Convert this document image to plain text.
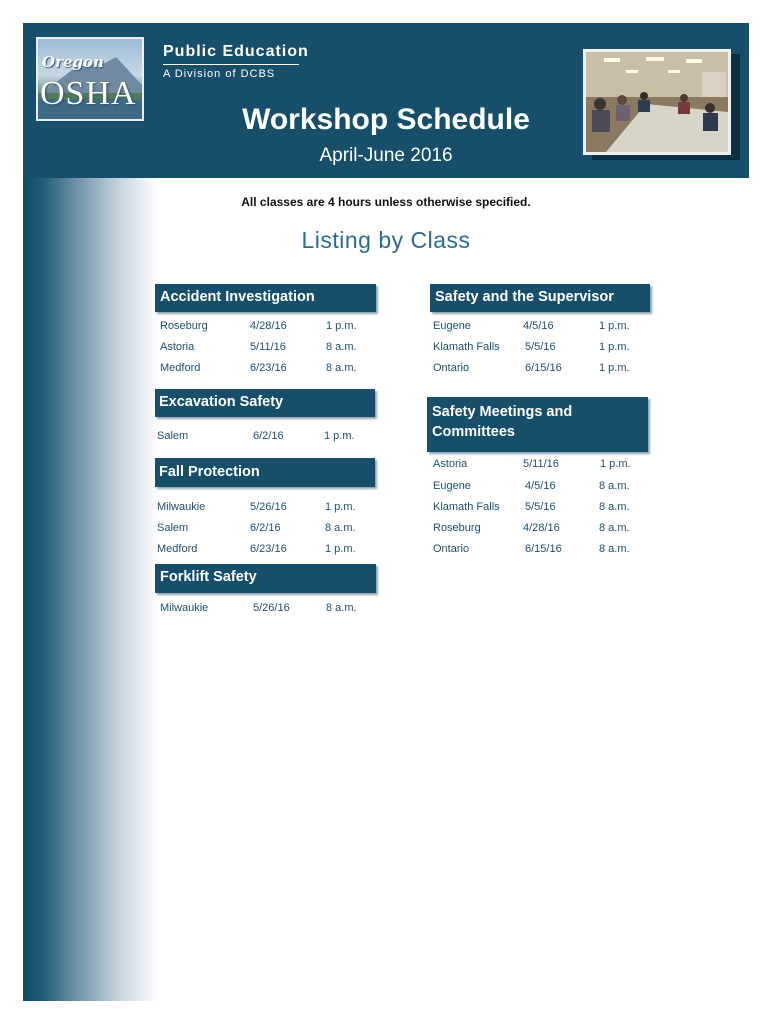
Oregon
OSHA
Public Education
A Division of DCBS
Workshop Schedule
April-June 2016
All classes are 4 hours unless otherwise specified.
Listing by Class
Accident Investigation
Roseburg	4/28/16	1 p.m.
Astoria	5/11/16	8 a.m.
Medford	6/23/16	8 a.m.
Excavation Safety
Salem	6/2/16	1 p.m.
Fall Protection
Milwaukie	5/26/16	1 p.m.
Salem	6/2/16	8 a.m.
Medford	6/23/16	1 p.m.
Forklift Safety
Milwaukie	5/26/16	8 a.m.
Safety and the Supervisor
Eugene	4/5/16	1 p.m.
Klamath Falls 5/5/16	1 p.m.
Ontario	6/15/16	1 p.m.
Safety Meetings and
Committees
Astoria	5/11/16	1 p.m.
Eugene	4/5/16	8 a.m.
Klamath Falls 5/5/16	8 a.m.
Roseburg	4/28/16	8 a.m.
Ontario	6/15/16	8 a.m.
